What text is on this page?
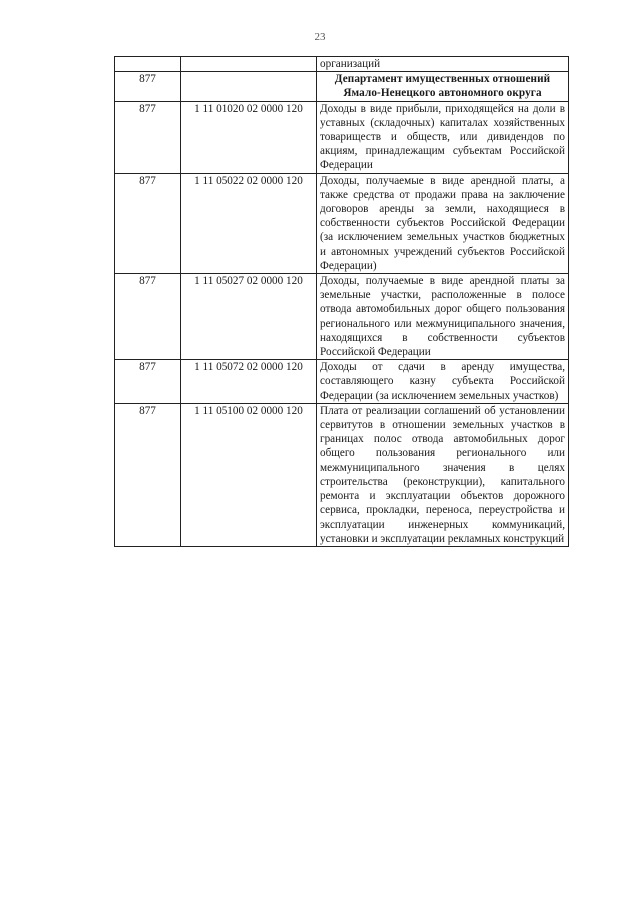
23
		организаций
877		Департамент имущественных отношений Ямало-Ненецкого автономного округа
877	1 11 01020 02 0000 120	Доходы в виде прибыли, приходящейся на доли в уставных (складочных) капиталах хозяйственных товариществ и обществ, или дивидендов по акциям, принадлежащим субъектам Российской Федерации
877	1 11 05022 02 0000 120	Доходы, получаемые в виде арендной платы, а также средства от продажи права на заключение договоров аренды за земли, находящиеся в собственности субъектов Российской Федерации (за исключением земельных участков бюджетных и автономных учреждений субъектов Российской Федерации)
877	1 11 05027 02 0000 120	Доходы, получаемые в виде арендной платы за земельные участки, расположенные в полосе отвода автомобильных дорог общего пользования регионального или межмуниципального значения, находящихся в собственности субъектов Российской Федерации
877	1 11 05072 02 0000 120	Доходы от сдачи в аренду имущества, составляющего казну субъекта Российской Федерации (за исключением земельных участков)
877	1 11 05100 02 0000 120	Плата от реализации соглашений об установлении сервитутов в отношении земельных участков в границах полос отвода автомобильных дорог общего пользования регионального или межмуниципального значения в целях строительства (реконструкции), капитального ремонта и эксплуатации объектов дорожного сервиса, прокладки, переноса, переустройства и эксплуатации инженерных коммуникаций, установки и эксплуатации рекламных конструкций
